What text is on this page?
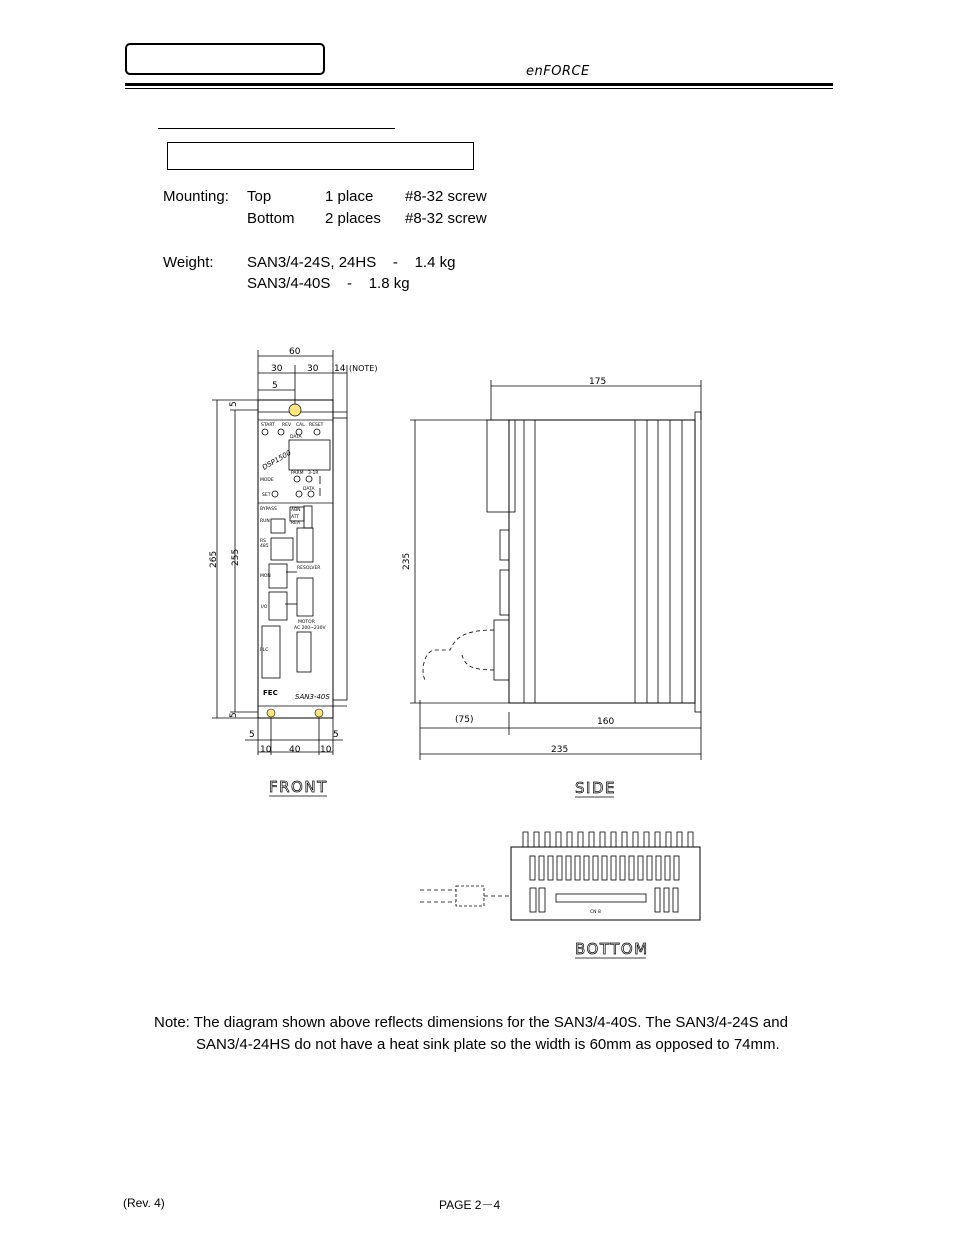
enFORCE
Mounting: Top	1 place #8-32 screw
Bottom 2 places #8-32 screw
Weight: SAN3/4-24S, 24HS    -    1.4 kg
SAN3/4-40S    -    1.8 kg
60
30	30 14 (NOTE)
5
265 255
5
5
5	5
10 40 10
175
235
(75)	160
235
START REV CAL RESET
DATA
DSP1500
PARM 3-1R
MODE
DATA
SET
BYPASS	ABN
ATT
REA
RUN
RS
485
MON
RESOLVER
I/O
MOTOR
AC 200~230V
PLC
FEC SAN3-40S
CN 8
FRONT	SIDE
BOTTOM
Note: The diagram shown above reflects dimensions for the SAN3/4-40S. The SAN3/4-24S and
SAN3/4-24HS do not have a heat sink plate so the width is 60mm as opposed to 74mm.
(Rev. 4)	PAGE 2－4
